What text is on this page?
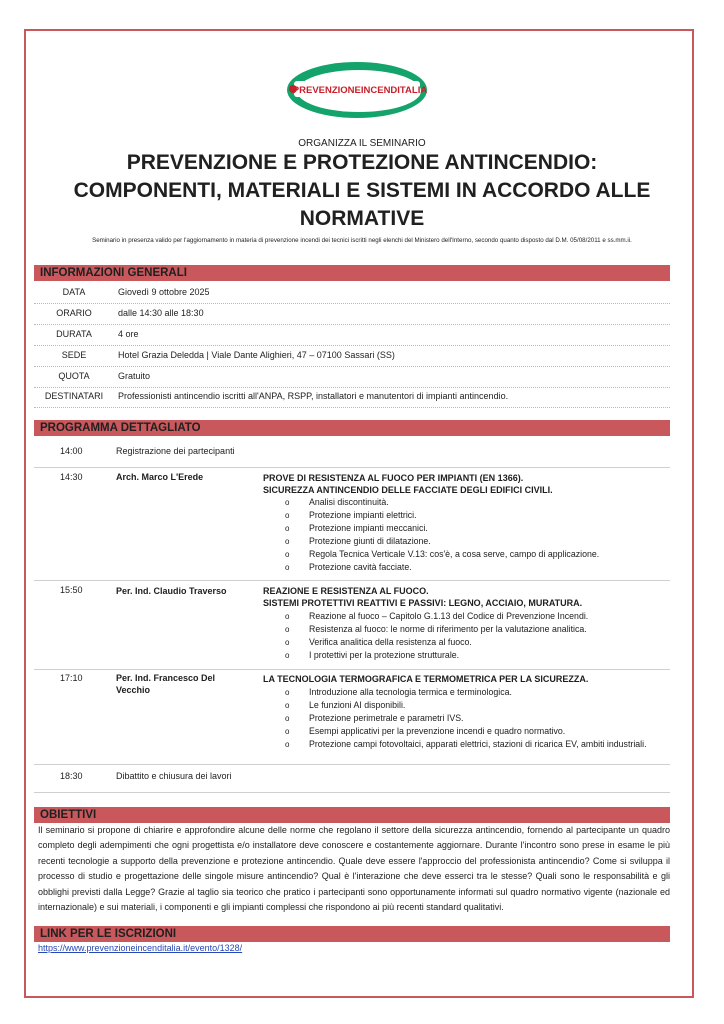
PREVENZIONEINCENDITALIA
ORGANIZZA IL SEMINARIO
PREVENZIONE E PROTEZIONE ANTINCENDIO:
COMPONENTI, MATERIALI E SISTEMI IN ACCORDO ALLE
NORMATIVE
Seminario in presenza valido per l'aggiornamento in materia di prevenzione incendi dei tecnici iscritti negli elenchi del Ministero dell'Interno, secondo quanto disposto dal D.M. 05/08/2011 e ss.mm.ii.
INFORMAZIONI GENERALI
DATA	Giovedì 9 ottobre 2025
ORARIO	dalle 14:30 alle 18:30
DURATA	4 ore
SEDE	Hotel Grazia Deledda | Viale Dante Alighieri, 47 – 07100 Sassari (SS)
QUOTA	Gratuito
DESTINATARI	Professionisti antincendio iscritti all'ANPA, RSPP, installatori e manutentori di impianti antincendio.
PROGRAMMA DETTAGLIATO
14:00	Registrazione dei partecipanti
14:30	Arch. Marco L'Erede	PROVE DI RESISTENZA AL FUOCO PER IMPIANTI (EN 1366).
SICUREZZA ANTINCENDIO DELLE FACCIATE DEGLI EDIFICI CIVILI.
o Analisi discontinuità.
o Protezione impianti elettrici.
o Protezione impianti meccanici.
o Protezione giunti di dilatazione.
o Regola Tecnica Verticale V.13: cos'è, a cosa serve, campo di applicazione.
o Protezione cavità facciate.
15:50	Per. Ind. Claudio Traverso	REAZIONE E RESISTENZA AL FUOCO.
SISTEMI PROTETTIVI REATTIVI E PASSIVI: LEGNO, ACCIAIO, MURATURA.
o Reazione al fuoco – Capitolo G.1.13 del Codice di Prevenzione Incendi.
o Resistenza al fuoco: le norme di riferimento per la valutazione analitica.
o Verifica analitica della resistenza al fuoco.
o I protettivi per la protezione strutturale.
17:10	Per. Ind. Francesco Del Vecchio
LA TECNOLOGIA TERMOGRAFICA E TERMOMETRICA PER LA SICUREZZA.
o Introduzione alla tecnologia termica e terminologica.
o Le funzioni AI disponibili.
o Protezione perimetrale e parametri IVS.
o Esempi applicativi per la prevenzione incendi e quadro normativo.
o Protezione campi fotovoltaici, apparati elettrici, stazioni di ricarica EV, ambiti industriali.
18:30	Dibattito e chiusura dei lavori
OBIETTIVI
Il seminario si propone di chiarire e approfondire alcune delle norme che regolano il settore della sicurezza antincendio, fornendo al partecipante un quadro completo degli adempimenti che ogni progettista e/o installatore deve conoscere e costantemente aggiornare. Durante l'incontro sono prese in esame le più recenti tecnologie a supporto della prevenzione e protezione antincendio. Quale deve essere l'approccio del professionista antincendio? Come si sviluppa il processo di studio e progettazione delle singole misure antincendio? Qual è l'interazione che deve esserci tra le stesse? Quali sono le responsabilità e gli obblighi previsti dalla Legge? Grazie al taglio sia teorico che pratico i partecipanti sono opportunamente informati sul quadro normativo vigente (nazionale ed internazionale) e sui materiali, i componenti e gli impianti complessi che rispondono ai più recenti standard qualitativi.
LINK PER LE ISCRIZIONI
https://www.prevenzioneincenditalia.it/evento/1328/
